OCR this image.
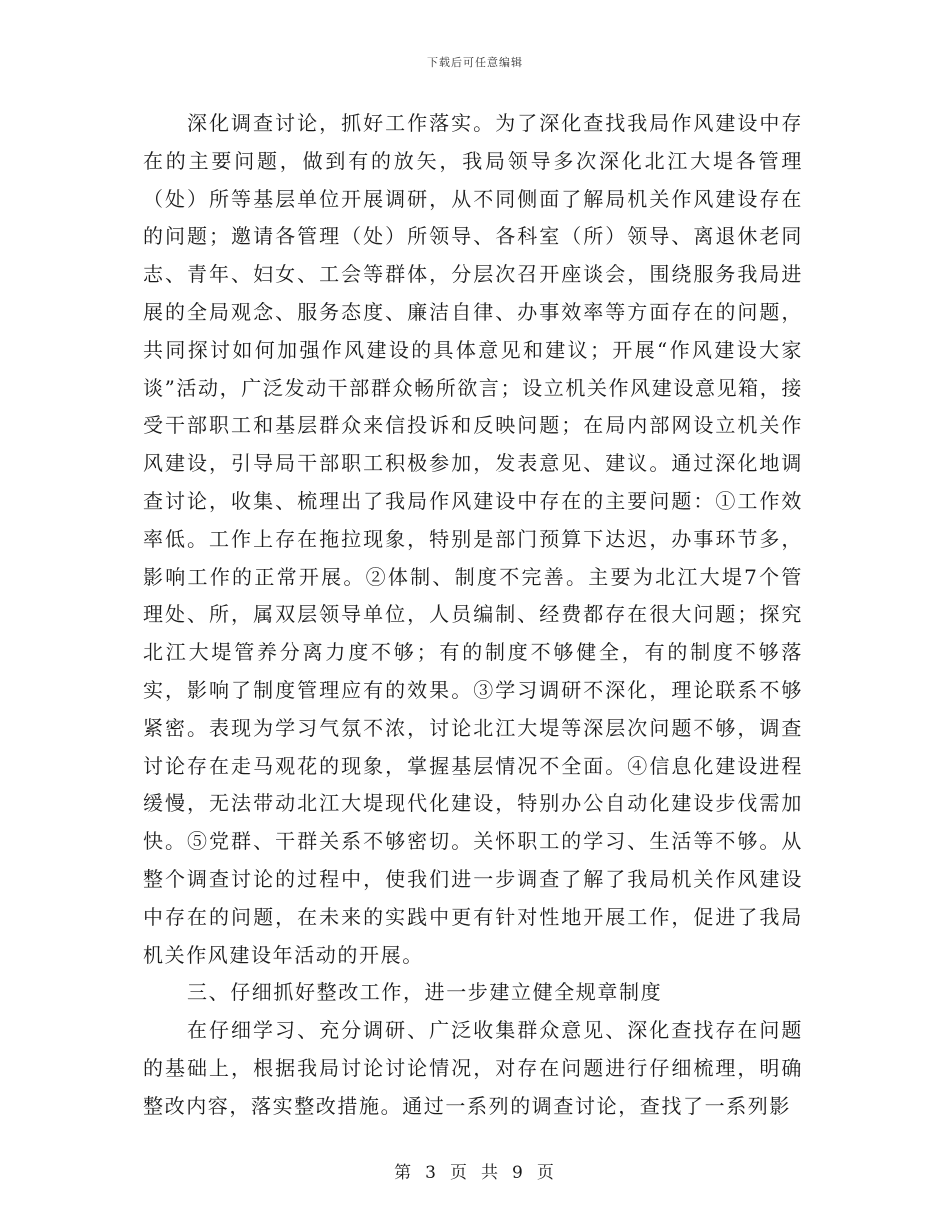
下载后可任意编辑

深化调查讨论，抓好工作落实。为了深化查找我局作风建设中存在的主要问题，做到有的放矢，我局领导多次深化北江大堤各管理（处）所等基层单位开展调研，从不同侧面了解局机关作风建设存在的问题；邀请各管理（处）所领导、各科室（所）领导、离退休老同志、青年、妇女、工会等群体，分层次召开座谈会，围绕服务我局进展的全局观念、服务态度、廉洁自律、办事效率等方面存在的问题，共同探讨如何加强作风建设的具体意见和建议；开展“作风建设大家谈”活动，广泛发动干部群众畅所欲言；设立机关作风建设意见箱，接受干部职工和基层群众来信投诉和反映问题；在局内部网设立机关作风建设，引导局干部职工积极参加，发表意见、建议。通过深化地调查讨论，收集、梳理出了我局作风建设中存在的主要问题：①工作效率低。工作上存在拖拉现象，特别是部门预算下达迟，办事环节多，影响工作的正常开展。②体制、制度不完善。主要为北江大堤7个管理处、所，属双层领导单位，人员编制、经费都存在很大问题；探究北江大堤管养分离力度不够；有的制度不够健全，有的制度不够落实，影响了制度管理应有的效果。③学习调研不深化，理论联系不够紧密。表现为学习气氛不浓，讨论北江大堤等深层次问题不够，调查讨论存在走马观花的现象，掌握基层情况不全面。④信息化建设进程缓慢，无法带动北江大堤现代化建设，特别办公自动化建设步伐需加快。⑤党群、干群关系不够密切。关怀职工的学习、生活等不够。从整个调查讨论的过程中，使我们进一步调查了解了我局机关作风建设中存在的问题，在未来的实践中更有针对性地开展工作，促进了我局机关作风建设年活动的开展。

三、仔细抓好整改工作，进一步建立健全规章制度

在仔细学习、充分调研、广泛收集群众意见、深化查找存在问题的基础上，根据我局讨论讨论情况，对存在问题进行仔细梳理，明确整改内容，落实整改措施。通过一系列的调查讨论，查找了一系列影

第 3 页 共 9 页
